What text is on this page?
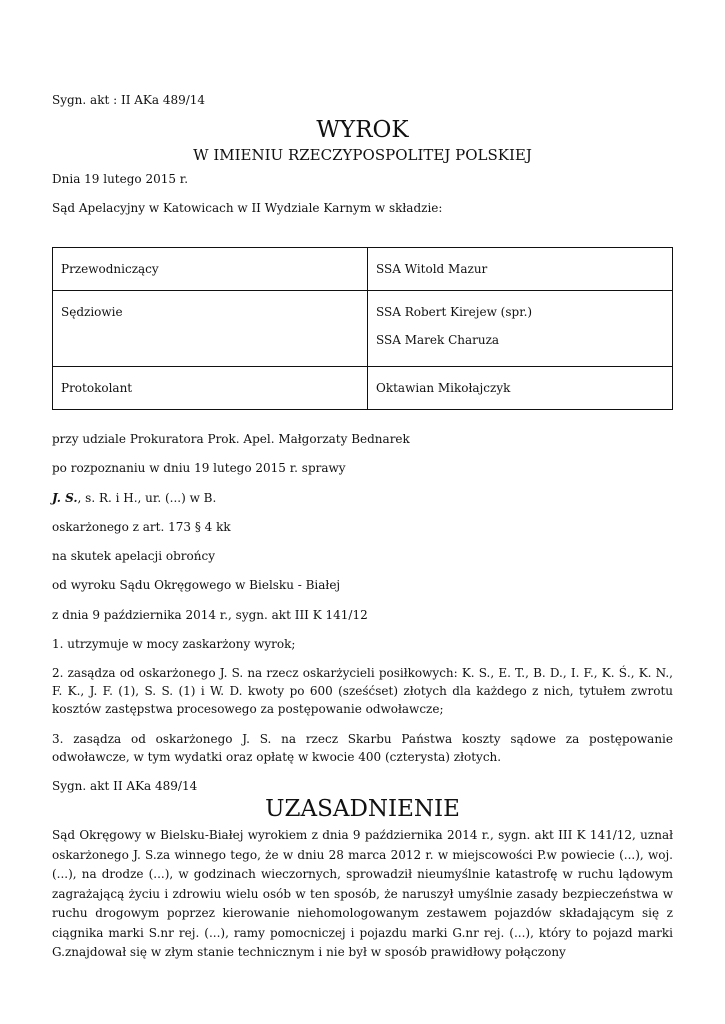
Sygn. akt : II AKa 489/14
WYROK
W IMIENIU RZECZYPOSPOLITEJ POLSKIEJ
Dnia 19 lutego 2015 r.
Sąd Apelacyjny w Katowicach w II Wydziale Karnym w składzie:
Przewodniczący	SSA Witold Mazur

Sędziowie	SSA Robert Kirejew (spr.)
SSA Marek Charuza

Protokolant	Oktawian Mikołajczyk
przy udziale Prokuratora Prok. Apel. Małgorzaty Bednarek
po rozpoznaniu w dniu 19 lutego 2015 r. sprawy
J. S., s. R. i H., ur. (...) w B.
oskarżonego z art. 173 § 4 kk
na skutek apelacji obrońcy
od wyroku Sądu Okręgowego w Bielsku - Białej
z dnia 9 października 2014 r., sygn. akt III K 141/12
1. utrzymuje w mocy zaskarżony wyrok;
2. zasądza od oskarżonego J. S. na rzecz oskarżycieli posiłkowych: K. S., E. T., B. D., I. F., K. Ś., K. N., F. K., J. F. (1), S. S. (1) i W. D. kwoty po 600 (sześćset) złotych dla każdego z nich, tytułem zwrotu kosztów zastępstwa procesowego za postępowanie odwoławcze;
3. zasądza od oskarżonego J. S. na rzecz Skarbu Państwa koszty sądowe za postępowanie odwoławcze, w tym wydatki oraz opłatę w kwocie 400 (czterysta) złotych.
Sygn. akt II AKa 489/14
UZASADNIENIE
Sąd Okręgowy w Bielsku-Białej wyrokiem z dnia 9 października 2014 r., sygn. akt III K 141/12, uznał oskarżonego J. S.za winnego tego, że w dniu 28 marca 2012 r. w miejscowości P.w powiecie (...), woj. (...), na drodze (...), w godzinach wieczornych, sprowadził nieumyślnie katastrofę w ruchu lądowym zagrażającą życiu i zdrowiu wielu osób w ten sposób, że naruszył umyślnie zasady bezpieczeństwa w ruchu drogowym poprzez kierowanie niehomologowanym zestawem pojazdów składającym się z ciągnika marki S.nr rej. (...), ramy pomocniczej i pojazdu marki G.nr rej. (...), który to pojazd marki G.znajdował się w złym stanie technicznym i nie był w sposób prawidłowy połączony
